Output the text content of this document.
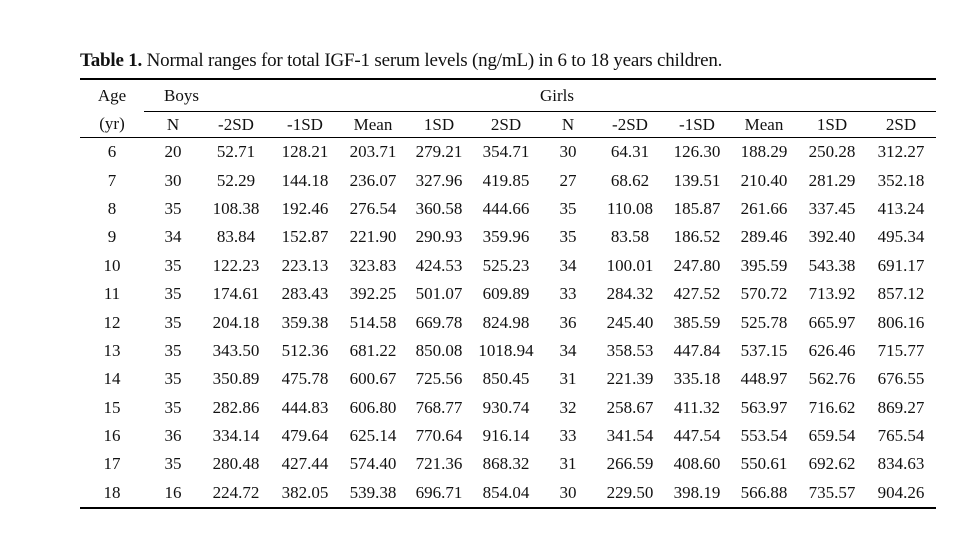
Table 1. Normal ranges for total IGF-1 serum levels (ng/mL) in 6 to 18 years children.
Age	Boys						Girls					
(yr)	N	-2SD	-1SD	Mean	1SD	2SD	N	-2SD	-1SD	Mean	1SD	2SD
6	20	52.71	128.21	203.71	279.21	354.71	30	64.31	126.30	188.29	250.28	312.27
7	30	52.29	144.18	236.07	327.96	419.85	27	68.62	139.51	210.40	281.29	352.18
8	35	108.38	192.46	276.54	360.58	444.66	35	110.08	185.87	261.66	337.45	413.24
9	34	83.84	152.87	221.90	290.93	359.96	35	83.58	186.52	289.46	392.40	495.34
10	35	122.23	223.13	323.83	424.53	525.23	34	100.01	247.80	395.59	543.38	691.17
11	35	174.61	283.43	392.25	501.07	609.89	33	284.32	427.52	570.72	713.92	857.12
12	35	204.18	359.38	514.58	669.78	824.98	36	245.40	385.59	525.78	665.97	806.16
13	35	343.50	512.36	681.22	850.08	1018.94	34	358.53	447.84	537.15	626.46	715.77
14	35	350.89	475.78	600.67	725.56	850.45	31	221.39	335.18	448.97	562.76	676.55
15	35	282.86	444.83	606.80	768.77	930.74	32	258.67	411.32	563.97	716.62	869.27
16	36	334.14	479.64	625.14	770.64	916.14	33	341.54	447.54	553.54	659.54	765.54
17	35	280.48	427.44	574.40	721.36	868.32	31	266.59	408.60	550.61	692.62	834.63
18	16	224.72	382.05	539.38	696.71	854.04	30	229.50	398.19	566.88	735.57	904.26
